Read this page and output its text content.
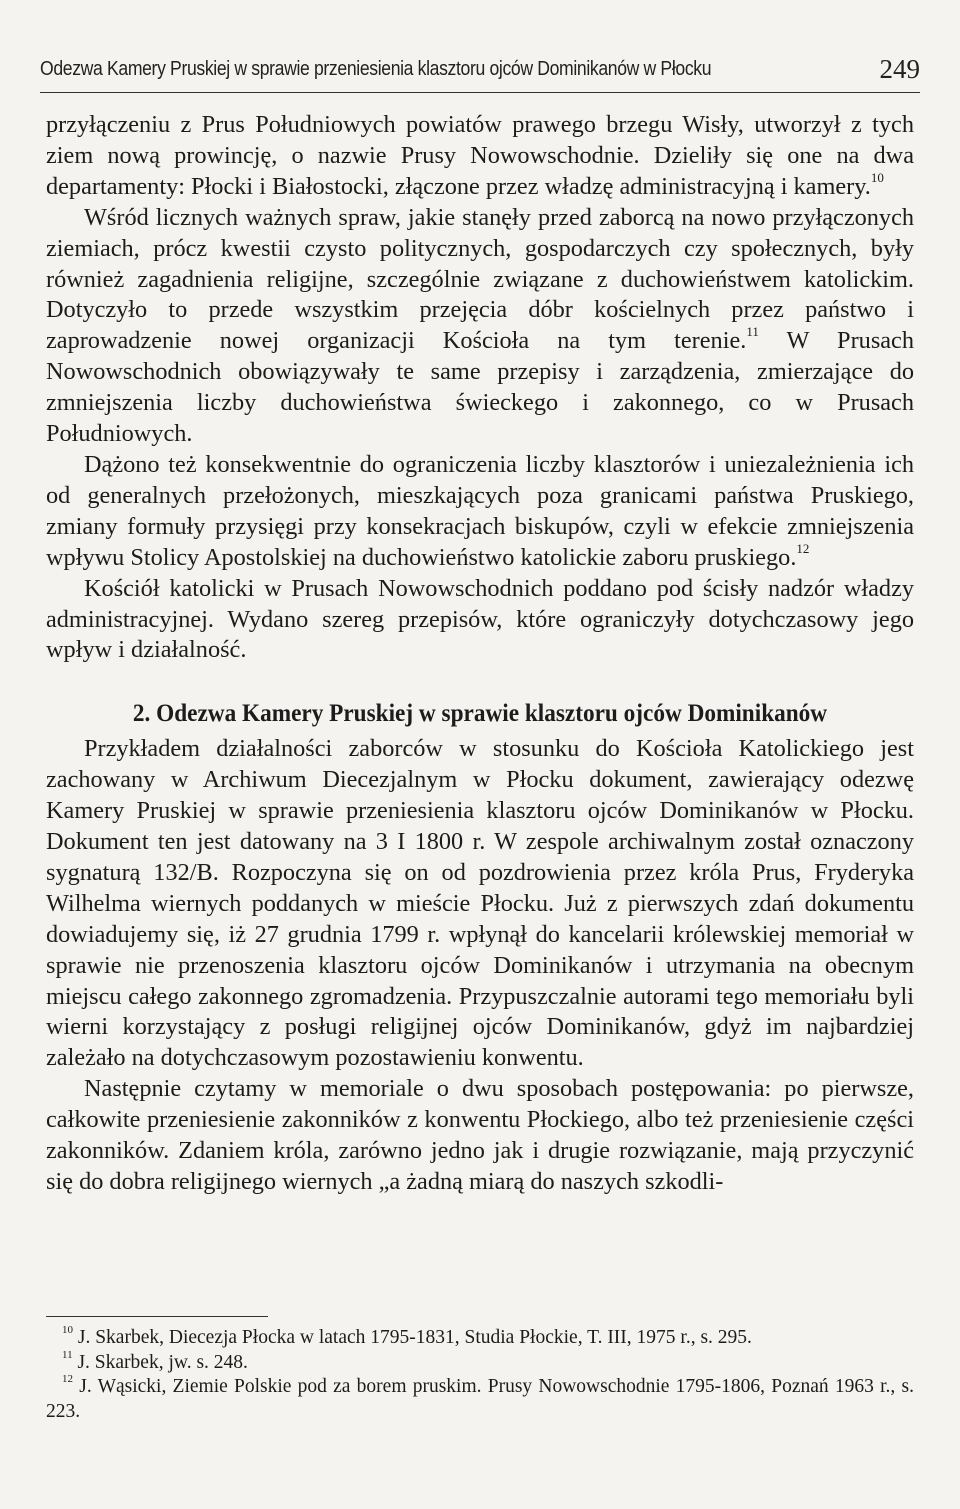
Odezwa Kamery Pruskiej w sprawie przeniesienia klasztoru ojców Dominikanów w Płocku	249

przyłączeniu z Prus Południowych powiatów prawego brzegu Wisły, utworzył z tych ziem nową prowincję, o nazwie Prusy Nowowschodnie. Dzieliły się one na dwa departamenty: Płocki i Białostocki, złączone przez władzę administracyjną i kamery.$^{10}$

Wśród licznych ważnych spraw, jakie stanęły przed zaborcą na nowo przyłączonych ziemiach, prócz kwestii czysto politycznych, gospodarczych czy społecznych, były również zagadnienia religijne, szczególnie związane z duchowieństwem katolickim. Dotyczyło to przede wszystkim przejęcia dóbr kościelnych przez państwo i zaprowadzenie nowej organizacji Kościoła na tym terenie.$^{11}$ W Prusach Nowowschodnich obowiązywały te same przepisy i zarządzenia, zmierzające do zmniejszenia liczby duchowieństwa świeckego i zakonnego, co w Prusach Południowych.

Dążono też konsekwentnie do ograniczenia liczby klasztorów i uniezależnienia ich od generalnych przełożonych, mieszkających poza granicami państwa Pruskiego, zmiany formuły przysięgi przy konsekracjach biskupów, czyli w efekcie zmniejszenia wpływu Stolicy Apostolskiej na duchowieństwo katolickie zaboru pruskiego.$^{12}$

Kościół katolicki w Prusach Nowowschodnich poddano pod ścisły nadzór władzy administracyjnej. Wydano szereg przepisów, które ograniczyły dotychczasowy jego wpływ i działalność.

2. Odezwa Kamery Pruskiej w sprawie klasztoru ojców Dominikanów

Przykładem działalności zaborców w stosunku do Kościoła Katolickiego jest zachowany w Archiwum Diecezjalnym w Płocku dokument, zawierający odezwę Kamery Pruskiej w sprawie przeniesienia klasztoru ojców Dominikanów w Płocku. Dokument ten jest datowany na 3 I 1800 r. W zespole archiwalnym został oznaczony sygnaturą 132/B. Rozpoczyna się on od pozdrowienia przez króla Prus, Fryderyka Wilhelma wiernych poddanych w mieście Płocku. Już z pierwszych zdań dokumentu dowiadujemy się, iż 27 grudnia 1799 r. wpłynął do kancelarii królewskiej memoriał w sprawie nie przenoszenia klasztoru ojców Dominikanów i utrzymania na obecnym miejscu całego zakonnego zgromadzenia. Przypuszczalnie autorami tego memoriału byli wierni korzystający z posługi religijnej ojców Dominikanów, gdyż im najbardziej zależało na dotychczasowym pozostawieniu konwentu.

Następnie czytamy w memoriale o dwu sposobach postępowania: po pierwsze, całkowite przeniesienie zakonników z konwentu Płockiego, albo też przeniesienie części zakonników. Zdaniem króla, zarówno jedno jak i drugie rozwiązanie, mają przyczynić się do dobra religijnego wiernych „a żadną miarą do naszych szkodli-

$^{10}$ J. Skarbek, Diecezja Płocka w latach 1795-1831, Studia Płockie, T. III, 1975 r., s. 295.

$^{11}$ J. Skarbek, jw. s. 248.

$^{12}$ J. Wąsicki, Ziemie Polskie pod za borem pruskim. Prusy Nowowschodnie 1795-1806, Poznań 1963 r., s. 223.
